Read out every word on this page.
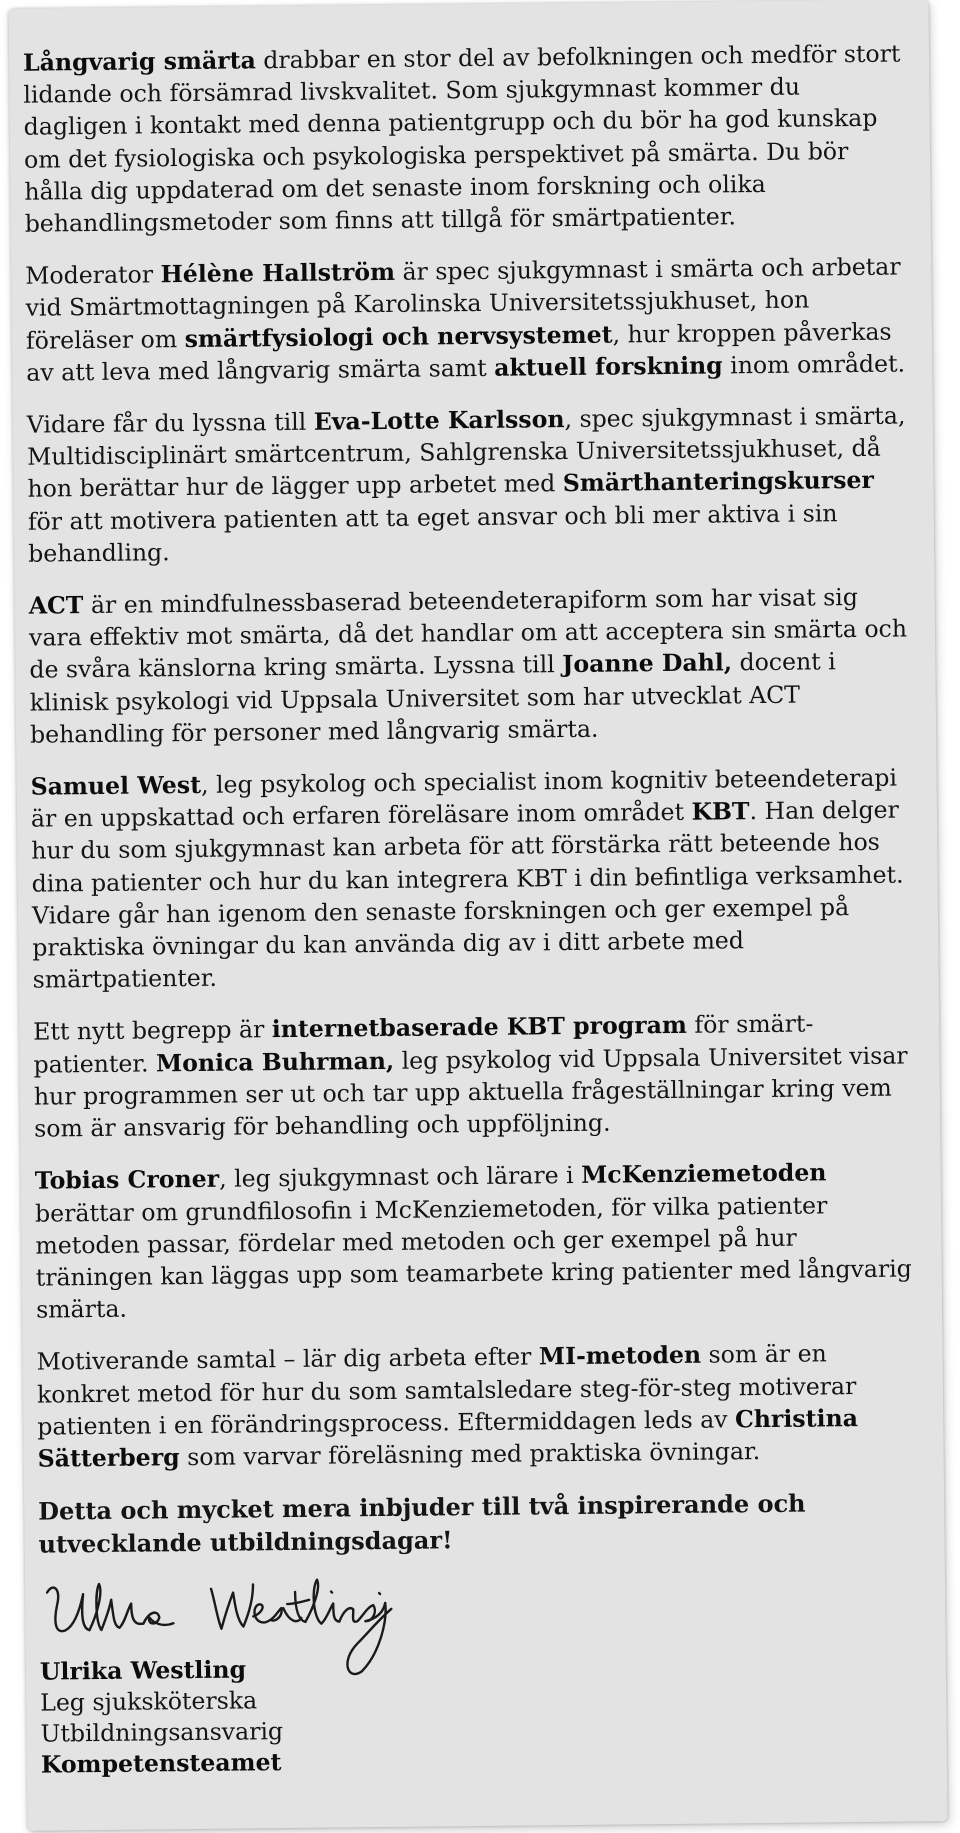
Långvarig smärta drabbar en stor del av befolkningen och medför stort lidande och försämrad livskvalitet. Som sjukgymnast kommer du dagligen i kontakt med denna patientgrupp och du bör ha god kunskap om det fysiologiska och psykologiska perspektivet på smärta. Du bör hålla dig uppdaterad om det senaste inom forskning och olika behandlingsmetoder som finns att tillgå för smärtpatienter.

Moderator Hélène Hallström är spec sjukgymnast i smärta och arbetar vid Smärtmottagningen på Karolinska Universitetssjukhuset, hon föreläser om smärtfysiologi och nervsystemet, hur kroppen påverkas av att leva med långvarig smärta samt aktuell forskning inom området.

Vidare får du lyssna till Eva-Lotte Karlsson, spec sjukgymnast i smärta, Multidisciplinärt smärtcentrum, Sahlgrenska Universitetssjukhuset, då hon berättar hur de lägger upp arbetet med Smärthanteringskurser för att motivera patienten att ta eget ansvar och bli mer aktiva i sin behandling.

ACT är en mindfulnessbaserad beteendeterapiform som har visat sig vara effektiv mot smärta, då det handlar om att acceptera sin smärta och de svåra känslorna kring smärta. Lyssna till Joanne Dahl, docent i klinisk psykologi vid Uppsala Universitet som har utvecklat ACT behandling för personer med långvarig smärta.

Samuel West, leg psykolog och specialist inom kognitiv beteendeterapi är en uppskattad och erfaren föreläsare inom området KBT. Han delger hur du som sjukgymnast kan arbeta för att förstärka rätt beteende hos dina patienter och hur du kan integrera KBT i din befintliga verksamhet. Vidare går han igenom den senaste forskningen och ger exempel på praktiska övningar du kan använda dig av i ditt arbete med smärtpatienter.

Ett nytt begrepp är internetbaserade KBT program för smärtpatienter. Monica Buhrman, leg psykolog vid Uppsala Universitet visar hur programmen ser ut och tar upp aktuella frågeställningar kring vem som är ansvarig för behandling och uppföljning.

Tobias Croner, leg sjukgymnast och lärare i McKenziemetoden berättar om grundfilosofin i McKenziemetoden, för vilka patienter metoden passar, fördelar med metoden och ger exempel på hur träningen kan läggas upp som teamarbete kring patienter med långvarig smärta.

Motiverande samtal – lär dig arbeta efter MI-metoden som är en konkret metod för hur du som samtalsledare steg-för-steg motiverar patienten i en förändringsprocess. Eftermiddagen leds av Christina Sätterberg som varvar föreläsning med praktiska övningar.

Detta och mycket mera inbjuder till två inspirerande och utvecklande utbildningsdagar!
Ulrika Westling
Leg sjuksköterska
Utbildningsansvarig
Kompetensteamet
